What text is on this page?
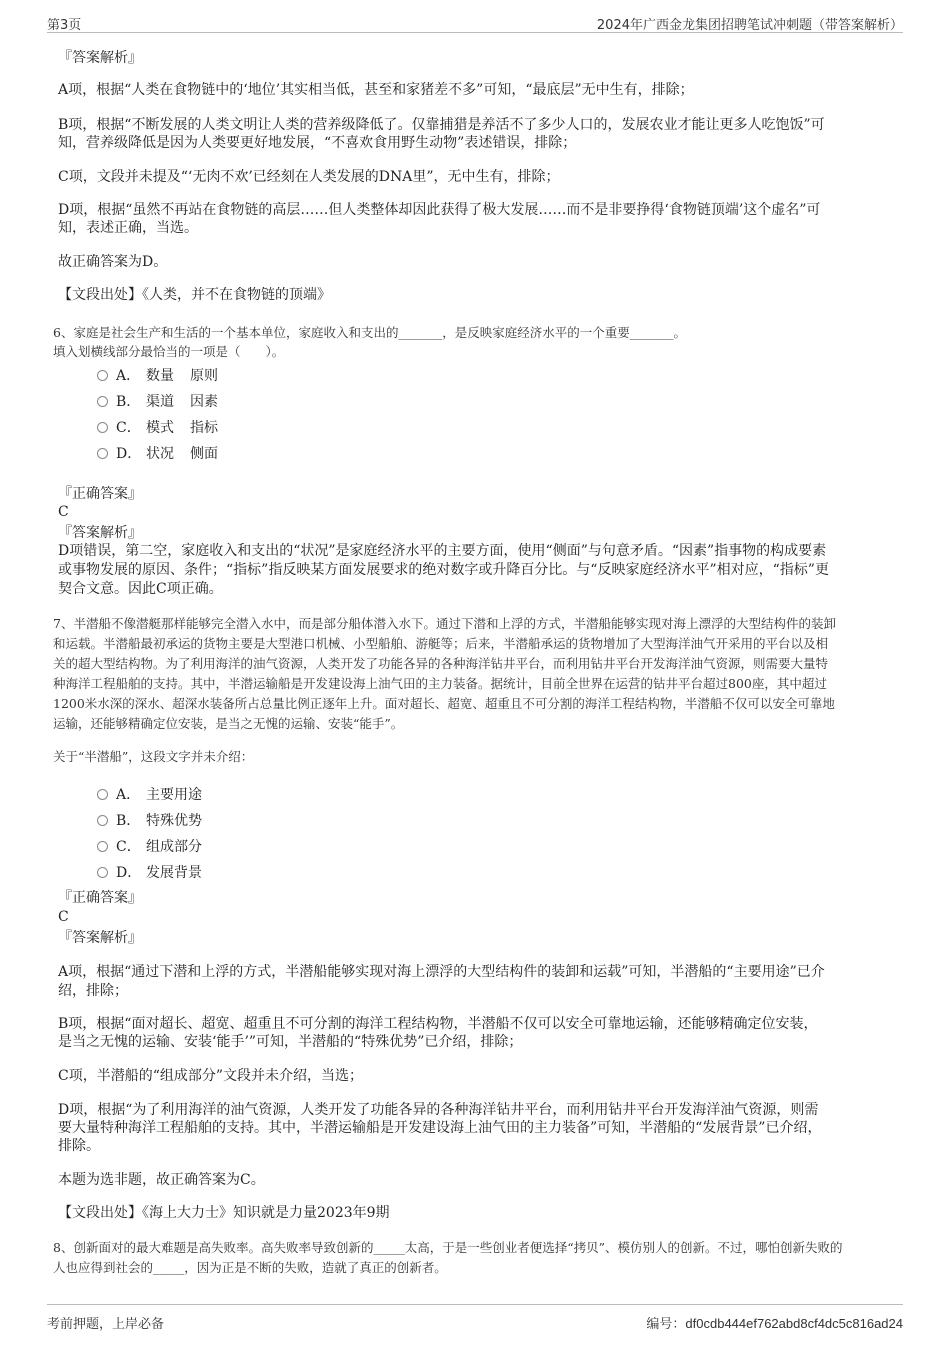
第3页	2024年广西金龙集团招聘笔试冲刺题（带答案解析）
『答案解析』
A项，根据“人类在食物链中的‘地位’其实相当低，甚至和家猪差不多”可知，“最底层”无中生有，排除；
B项，根据“不断发展的人类文明让人类的营养级降低了。仅靠捕猎是养活不了多少人口的，发展农业才能让更多人吃饱饭”可
知，营养级降低是因为人类要更好地发展，“不喜欢食用野生动物”表述错误，排除；
C项，文段并未提及“‘无肉不欢’已经刻在人类发展的DNA里”，无中生有，排除；
D项，根据“虽然不再站在食物链的高层……但人类整体却因此获得了极大发展……而不是非要挣得‘食物链顶端’这个虚名”可
知，表述正确，当选。
故正确答案为D。
【文段出处】《人类，并不在食物链的顶端》
6、家庭是社会生产和生活的一个基本单位，家庭收入和支出的_______，是反映家庭经济水平的一个重要_______。
填入划横线部分最恰当的一项是（　　）。
A． 数量 原则
B． 渠道 因素
C． 模式 指标
D． 状况 侧面
『正确答案』
C
『答案解析』
D项错误，第二空，家庭收入和支出的“状况”是家庭经济水平的主要方面，使用“侧面”与句意矛盾。“因素”指事物的构成要素
或事物发展的原因、条件；“指标”指反映某方面发展要求的绝对数字或升降百分比。与“反映家庭经济水平”相对应，“指标”更
契合文意。因此C项正确。
7、半潜船不像潜艇那样能够完全潜入水中，而是部分船体潜入水下。通过下潜和上浮的方式，半潜船能够实现对海上漂浮的大型结构件的装卸
和运载。半潜船最初承运的货物主要是大型港口机械、小型船舶、游艇等；后来，半潜船承运的货物增加了大型海洋油气开采用的平台以及相
关的超大型结构物。为了利用海洋的油气资源，人类开发了功能各异的各种海洋钻井平台，而利用钻井平台开发海洋油气资源，则需要大量特
种海洋工程船舶的支持。其中，半潜运输船是开发建设海上油气田的主力装备。据统计，目前全世界在运营的钻井平台超过800座，其中超过
1200米水深的深水、超深水装备所占总量比例正逐年上升。面对超长、超宽、超重且不可分割的海洋工程结构物，半潜船不仅可以安全可靠地
运输，还能够精确定位安装，是当之无愧的运输、安装“能手”。
关于“半潜船”，这段文字并未介绍：
A． 主要用途
B． 特殊优势
C． 组成部分
D． 发展背景
『正确答案』
C
『答案解析』
A项，根据“通过下潜和上浮的方式，半潜船能够实现对海上漂浮的大型结构件的装卸和运载”可知，半潜船的“主要用途”已介
绍，排除；
B项，根据“面对超长、超宽、超重且不可分割的海洋工程结构物，半潜船不仅可以安全可靠地运输，还能够精确定位安装，
是当之无愧的运输、安装‘能手’”可知，半潜船的“特殊优势”已介绍，排除；
C项，半潜船的“组成部分”文段并未介绍，当选；
D项，根据“为了利用海洋的油气资源，人类开发了功能各异的各种海洋钻井平台，而利用钻井平台开发海洋油气资源，则需
要大量特种海洋工程船舶的支持。其中，半潜运输船是开发建设海上油气田的主力装备”可知，半潜船的“发展背景”已介绍，
排除。
本题为选非题，故正确答案为C。
【文段出处】《海上大力士》知识就是力量2023年9期
8、创新面对的最大难题是高失败率。高失败率导致创新的_____太高，于是一些创业者便选择“拷贝”、模仿别人的创新。不过，哪怕创新失败的
人也应得到社会的_____，因为正是不断的失败，造就了真正的创新者。
考前押题，上岸必备	编号：df0cdb444ef762abd8cf4dc5c816ad24
